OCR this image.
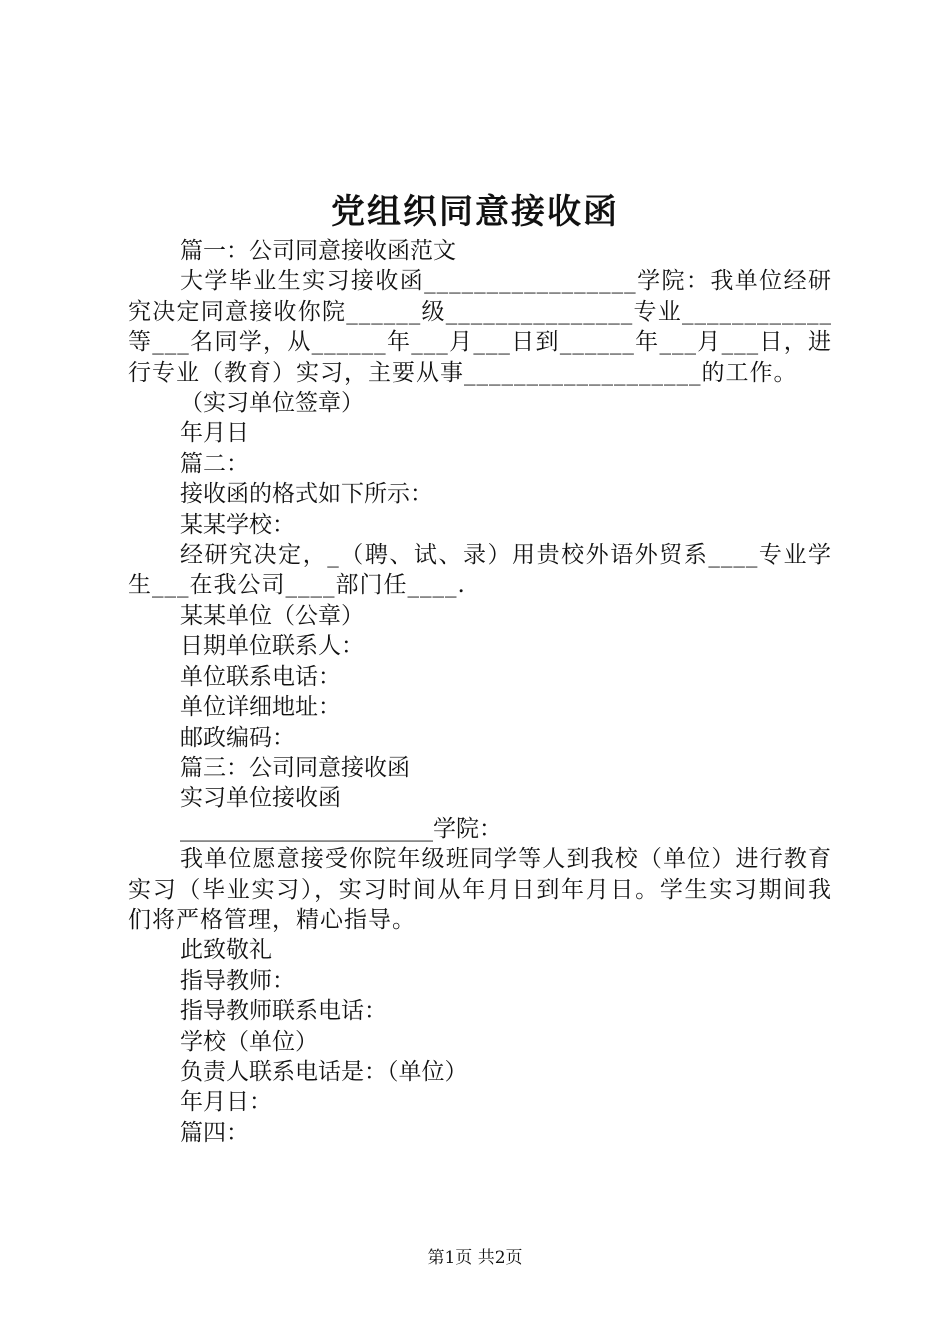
党组织同意接收函

篇一：公司同意接收函范文

大学毕业生实习接收函_________________学院：我单位经研究决定同意接收你院______级_______________专业____________等___名同学，从______年___月___日到______年___月___日，进行专业（教育）实习，主要从事___________________的工作。

（实习单位签章）

年月日

篇二：

接收函的格式如下所示：

某某学校：

经研究决定，_（聘、试、录）用贵校外语外贸系____专业学生___在我公司____部门任____.

某某单位（公章）

日期单位联系人：

单位联系电话：

单位详细地址：

邮政编码：

篇三：公司同意接收函

实习单位接收函

______________________学院：

我单位愿意接受你院年级班同学等人到我校（单位）进行教育实习（毕业实习），实习时间从年月日到年月日。学生实习期间我们将严格管理，精心指导。

此致敬礼

指导教师：

指导教师联系电话：

学校（单位）

负责人联系电话是：（单位）

年月日：

篇四：

第1页 共2页
